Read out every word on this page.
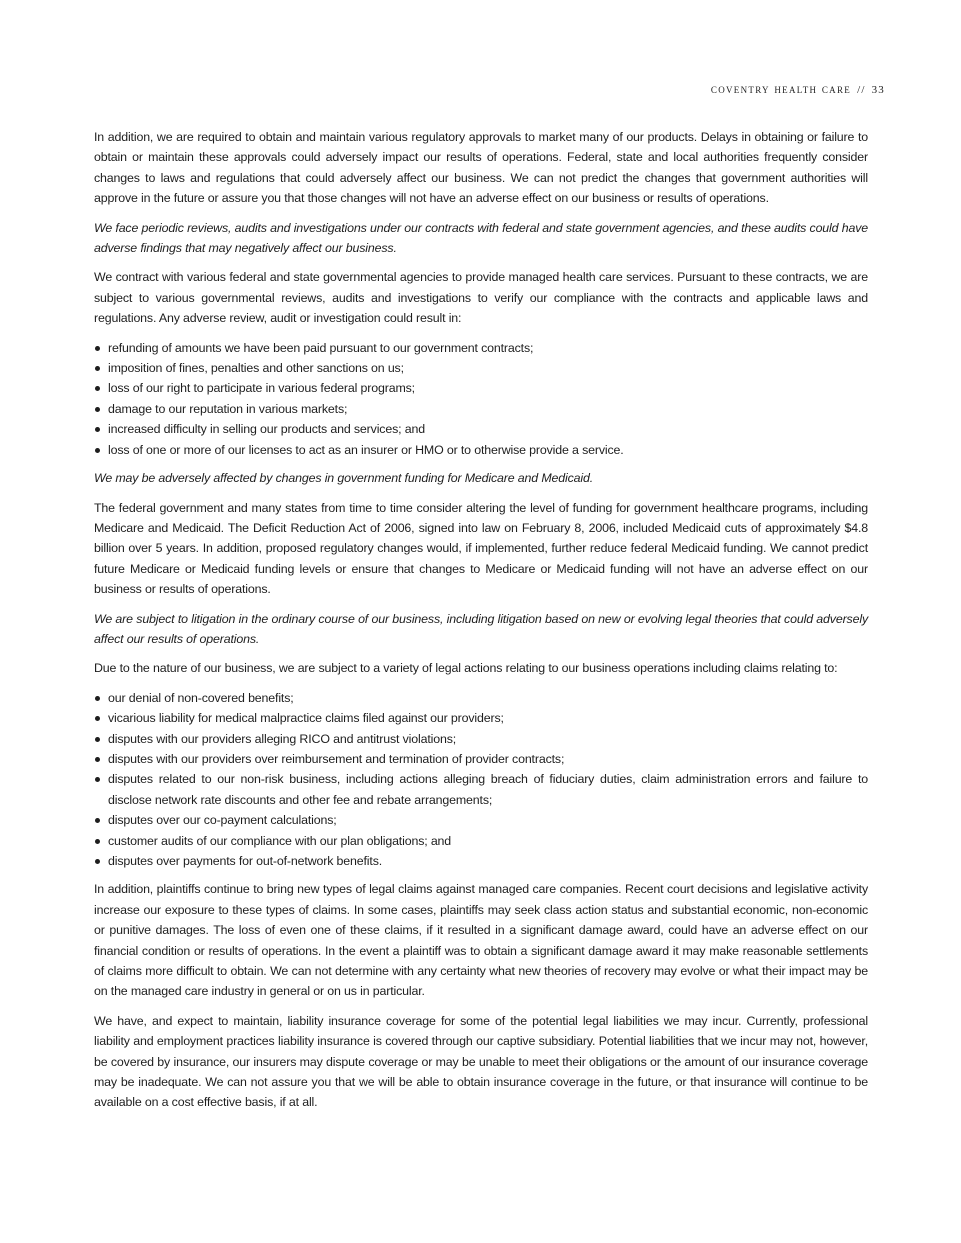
coventry health care // 33

In addition, we are required to obtain and maintain various regulatory approvals to market many of our products. Delays in obtaining or failure to obtain or maintain these approvals could adversely impact our results of operations. Federal, state and local authorities frequently consider changes to laws and regulations that could adversely affect our business. We can not predict the changes that government authorities will approve in the future or assure you that those changes will not have an adverse effect on our business or results of operations.

We face periodic reviews, audits and investigations under our contracts with federal and state government agencies, and these audits could have adverse findings that may negatively affect our business.

We contract with various federal and state governmental agencies to provide managed health care services. Pursuant to these contracts, we are subject to various governmental reviews, audits and investigations to verify our compliance with the contracts and applicable laws and regulations. Any adverse review, audit or investigation could result in:

refunding of amounts we have been paid pursuant to our government contracts;
imposition of fines, penalties and other sanctions on us;
loss of our right to participate in various federal programs;
damage to our reputation in various markets;
increased difficulty in selling our products and services; and
loss of one or more of our licenses to act as an insurer or HMO or to otherwise provide a service.

We may be adversely affected by changes in government funding for Medicare and Medicaid.

The federal government and many states from time to time consider altering the level of funding for government healthcare programs, including Medicare and Medicaid. The Deficit Reduction Act of 2006, signed into law on February 8, 2006, included Medicaid cuts of approximately $4.8 billion over 5 years. In addition, proposed regulatory changes would, if implemented, further reduce federal Medicaid funding. We cannot predict future Medicare or Medicaid funding levels or ensure that changes to Medicare or Medicaid funding will not have an adverse effect on our business or results of operations.

We are subject to litigation in the ordinary course of our business, including litigation based on new or evolving legal theories that could adversely affect our results of operations.

Due to the nature of our business, we are subject to a variety of legal actions relating to our business operations including claims relating to:

our denial of non-covered benefits;
vicarious liability for medical malpractice claims filed against our providers;
disputes with our providers alleging RICO and antitrust violations;
disputes with our providers over reimbursement and termination of provider contracts;
disputes related to our non-risk business, including actions alleging breach of fiduciary duties, claim administration errors and failure to disclose network rate discounts and other fee and rebate arrangements;
disputes over our co-payment calculations;
customer audits of our compliance with our plan obligations; and
disputes over payments for out-of-network benefits.

In addition, plaintiffs continue to bring new types of legal claims against managed care companies. Recent court decisions and legislative activity increase our exposure to these types of claims. In some cases, plaintiffs may seek class action status and substantial economic, non-economic or punitive damages. The loss of even one of these claims, if it resulted in a significant damage award, could have an adverse effect on our financial condition or results of operations. In the event a plaintiff was to obtain a significant damage award it may make reasonable settlements of claims more difficult to obtain. We can not determine with any certainty what new theories of recovery may evolve or what their impact may be on the managed care industry in general or on us in particular.

We have, and expect to maintain, liability insurance coverage for some of the potential legal liabilities we may incur. Currently, professional liability and employment practices liability insurance is covered through our captive subsidiary. Potential liabilities that we incur may not, however, be covered by insurance, our insurers may dispute coverage or may be unable to meet their obligations or the amount of our insurance coverage may be inadequate. We can not assure you that we will be able to obtain insurance coverage in the future, or that insurance will continue to be available on a cost effective basis, if at all.
